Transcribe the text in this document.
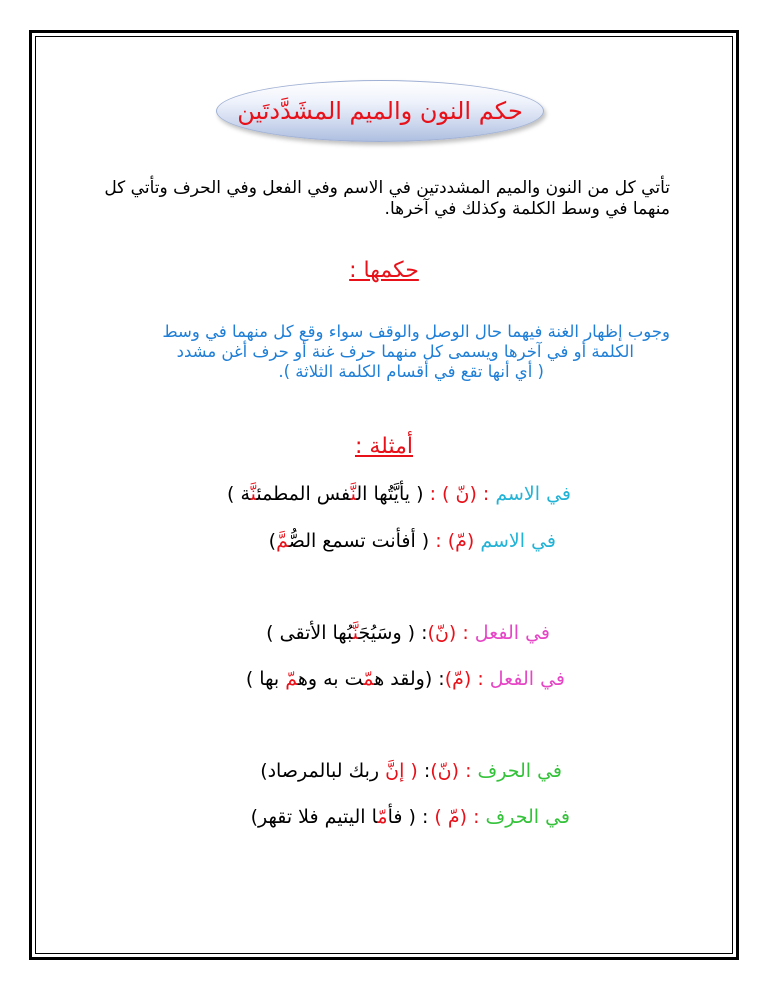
حكم النون والميم المشَدَّدتَين
تأتي كل من النون والميم المشددتين في الاسم وفي الفعل وفي الحرف وتأتي كل
منهما في وسط الكلمة وكذلك في آخرها.
حكمها :
وجوب إظهار الغنة فيهما حال الوصل والوقف سواء وقع كل منهما في وسط
الكلمة أو في آخرها ويسمى كل منهما حرف غنة أو حرف أغن مشدد
( أي أنها تقع في أقسام الكلمة الثلاثة ).
أمثلة :
في الاسم : (نّ ) : ( يأيَّتُها النَّفس المطمئنَّة )
في الاسم (مّ) : ( أفأنت تسمع الصُّمَّ)
في الفعل : (نّ): ( وسَيُجَنَّبُها الأتقى )
في الفعل : (مّ): (ولقد همّت به وهمّ بها )
في الحرف : (نّ): ( إنَّ ربك لبالمرصاد)
في الحرف : (مّ ) : ( فأمّا اليتيم فلا تقهر)
